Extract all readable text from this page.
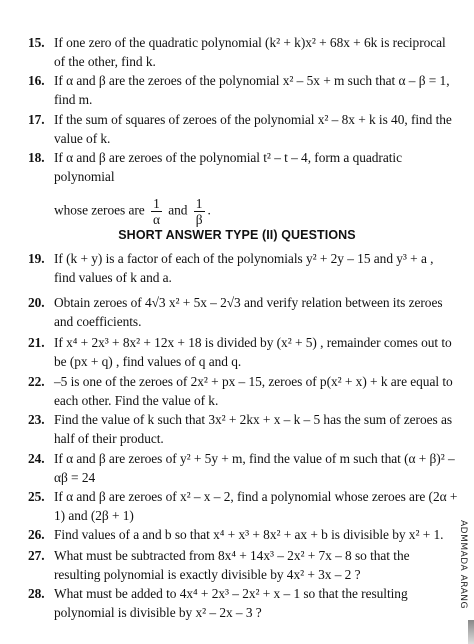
15. If one zero of the quadratic polynomial (k² + k)x² + 68x + 6k is reciprocal of the other, find k.
16. If α and β are the zeroes of the polynomial x² – 5x + m such that α – β = 1, find m.
17. If the sum of squares of zeroes of the polynomial x² – 8x + k is 40, find the value of k.
18. If α and β are zeroes of the polynomial t² – t – 4, form a quadratic polynomial
whose zeroes are $\frac{1}{\alpha}$ and $\frac{1}{\beta}$ .
SHORT ANSWER TYPE (II) QUESTIONS
19. If (k + y) is a factor of each of the polynomials y² + 2y – 15 and y³ + a , find values of k and a.
20. Obtain zeroes of 4√3 x² + 5x – 2√3 and verify relation between its zeroes and coefficients.
21. If x⁴ + 2x³ + 8x² + 12x + 18 is divided by (x² + 5) , remainder comes out to be (px + q) , find values of q and q.
22. –5 is one of the zeroes of 2x² + px – 15, zeroes of p(x² + x) + k are equal to each other. Find the value of k.
23. Find the value of k such that 3x² + 2kx + x – k – 5 has the sum of zeroes as half of their product.
24. If α and β are zeroes of y² + 5y + m, find the value of m such that (α + β)² – αβ = 24
25. If α and β are zeroes of x² – x – 2, find a polynomial whose zeroes are (2α + 1) and (2β + 1)
26. Find values of a and b so that x⁴ + x³ + 8x² + ax + b is divisible by x² + 1.
27. What must be subtracted from 8x⁴ + 14x³ – 2x² + 7x – 8 so that the resulting polynomial is exactly divisible by 4x² + 3x – 2 ?
28. What must be added to 4x⁴ + 2x³ – 2x² + x – 1 so that the resulting polynomial is divisible by x² – 2x – 3 ?
ADMMADA ARANG
